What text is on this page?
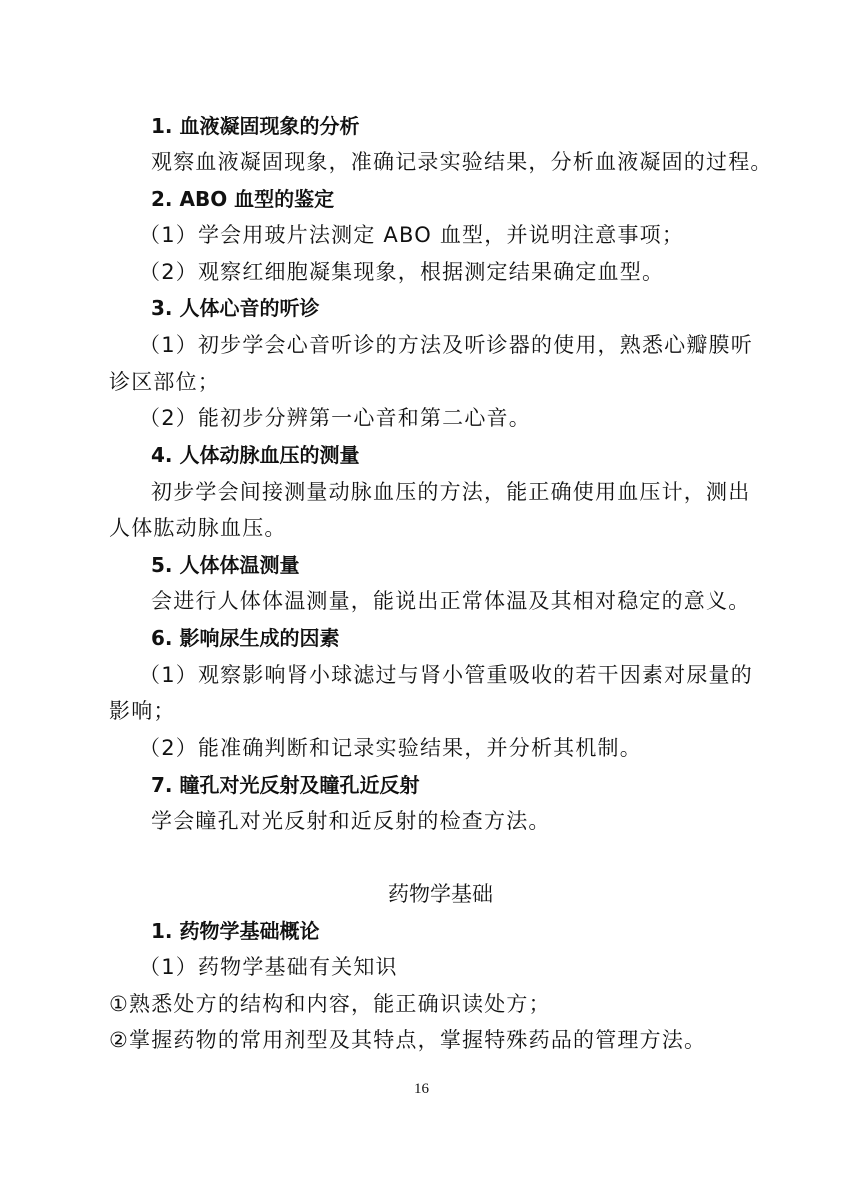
1. 血液凝固现象的分析
观察血液凝固现象，准确记录实验结果，分析血液凝固的过程。
2. ABO 血型的鉴定
（1）学会用玻片法测定 ABO 血型，并说明注意事项；
（2）观察红细胞凝集现象，根据测定结果确定血型。
3. 人体心音的听诊
（1）初步学会心音听诊的方法及听诊器的使用，熟悉心瓣膜听
诊区部位；
（2）能初步分辨第一心音和第二心音。
4. 人体动脉血压的测量
初步学会间接测量动脉血压的方法，能正确使用血压计，测出
人体肱动脉血压。
5. 人体体温测量
会进行人体体温测量，能说出正常体温及其相对稳定的意义。
6. 影响尿生成的因素
（1）观察影响肾小球滤过与肾小管重吸收的若干因素对尿量的
影响；
（2）能准确判断和记录实验结果，并分析其机制。
7. 瞳孔对光反射及瞳孔近反射
学会瞳孔对光反射和近反射的检查方法。
药物学基础
1. 药物学基础概论
（1）药物学基础有关知识
①熟悉处方的结构和内容，能正确识读处方；
②掌握药物的常用剂型及其特点，掌握特殊药品的管理方法。
16
